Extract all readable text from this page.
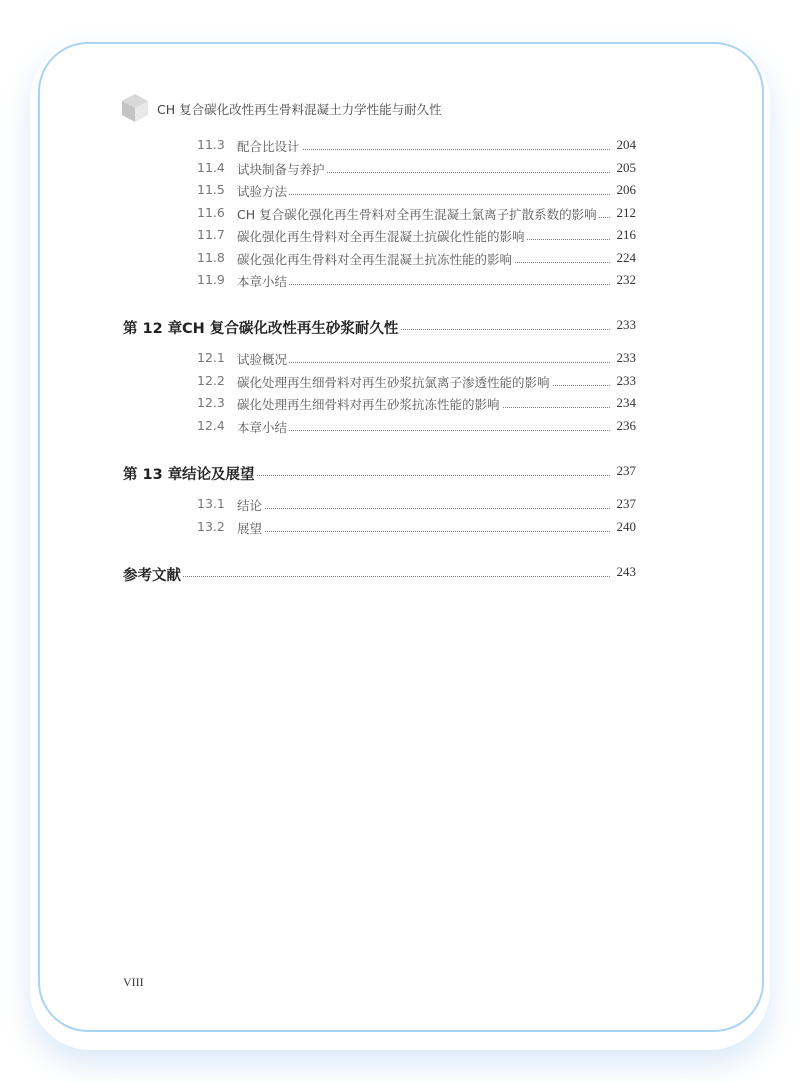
CH 复合碳化改性再生骨料混凝土力学性能与耐久性
11.3 配合比设计	204
11.4 试块制备与养护	205
11.5 试验方法	206
11.6 CH 复合碳化强化再生骨料对全再生混凝土氯离子扩散系数的影响 212
11.7 碳化强化再生骨料对全再生混凝土抗碳化性能的影响	216
11.8 碳化强化再生骨料对全再生混凝土抗冻性能的影响	224
11.9 本章小结	232
第 12 章 CH 复合碳化改性再生砂浆耐久性	233
12.1 试验概况	233
12.2 碳化处理再生细骨料对再生砂浆抗氯离子渗透性能的影响	233
12.3 碳化处理再生细骨料对再生砂浆抗冻性能的影响	234
12.4 本章小结	236
第 13 章 结论及展望	237
13.1 结论	237
13.2 展望	240
参考文献	243
VIII
